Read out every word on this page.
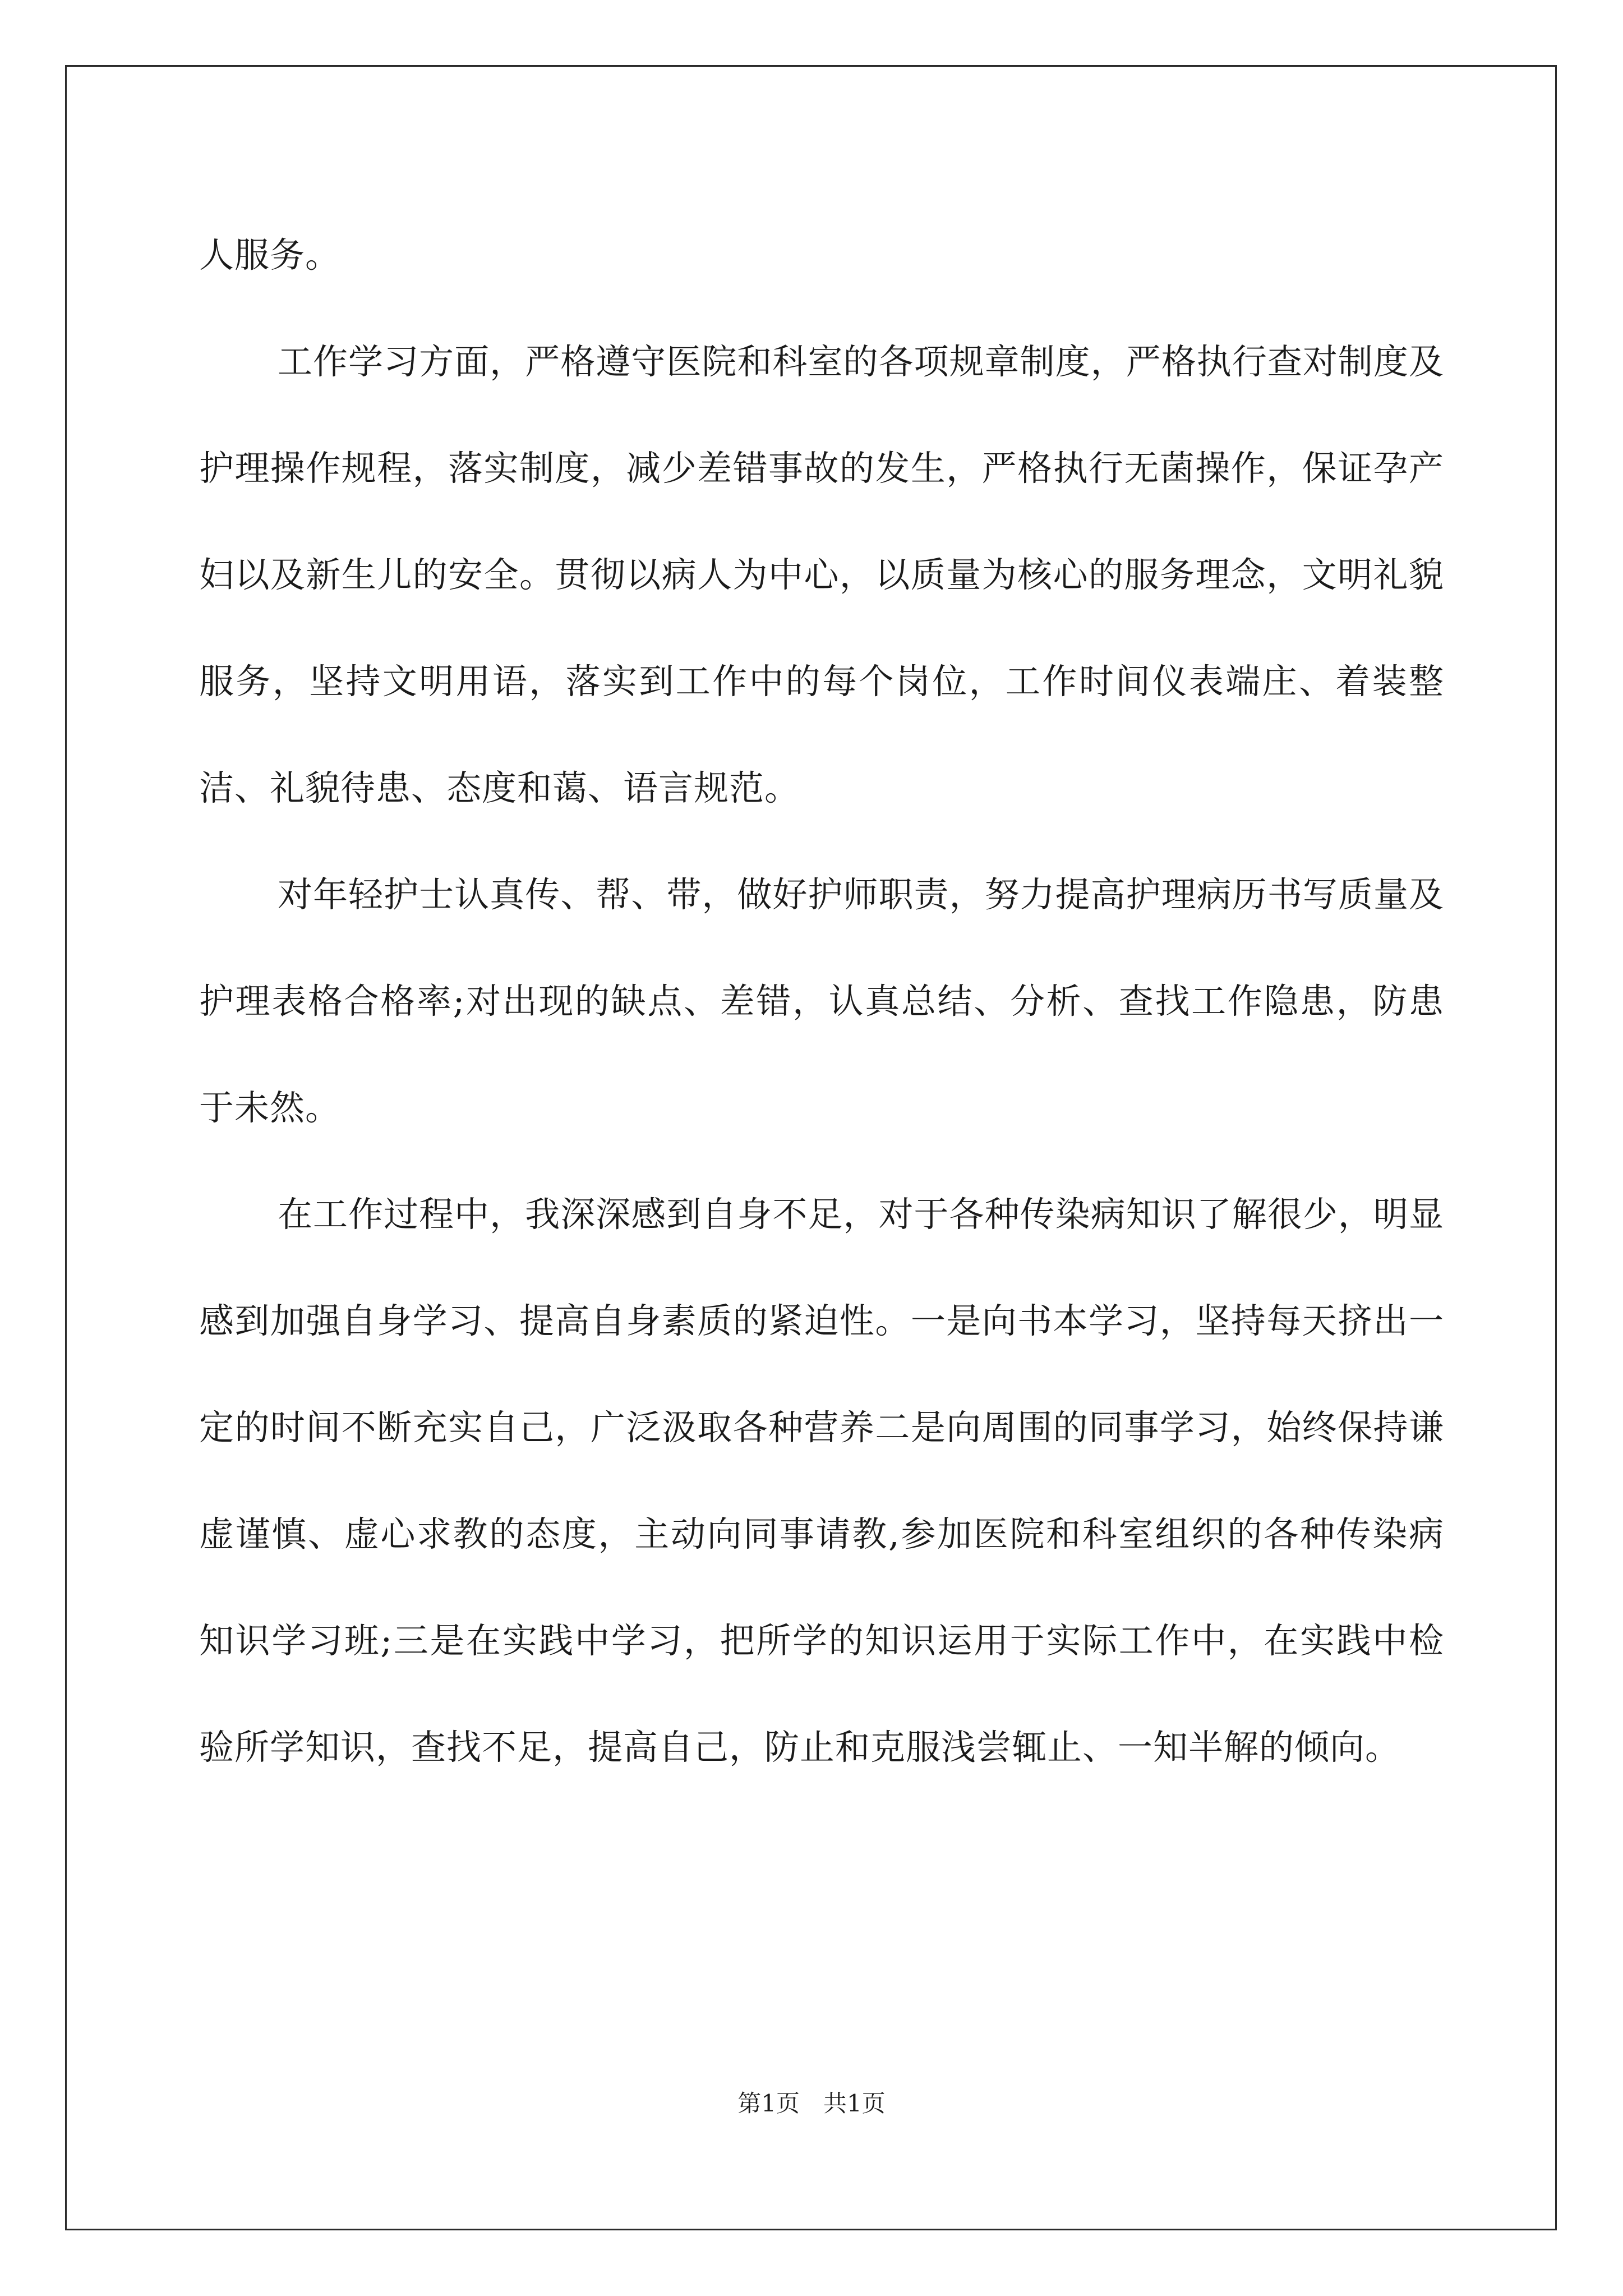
人服务。

工作学习方面，严格遵守医院和科室的各项规章制度，严格执行查对制度及护理操作规程，落实制度，减少差错事故的发生，严格执行无菌操作，保证孕产妇以及新生儿的安全。贯彻以病人为中心，以质量为核心的服务理念，文明礼貌服务，坚持文明用语，落实到工作中的每个岗位，工作时间仪表端庄、着装整洁、礼貌待患、态度和蔼、语言规范。

对年轻护士认真传、帮、带，做好护师职责，努力提高护理病历书写质量及护理表格合格率;对出现的缺点、差错，认真总结、分析、查找工作隐患，防患于未然。

在工作过程中，我深深感到自身不足，对于各种传染病知识了解很少，明显感到加强自身学习、提高自身素质的紧迫性。一是向书本学习，坚持每天挤出一定的时间不断充实自己，广泛汲取各种营养二是向周围的同事学习，始终保持谦虚谨慎、虚心求教的态度，主动向同事请教,参加医院和科室组织的各种传染病知识学习班;三是在实践中学习，把所学的知识运用于实际工作中，在实践中检验所学知识，查找不足，提高自己，防止和克服浅尝辄止、一知半解的倾向。

第1页　共1页
